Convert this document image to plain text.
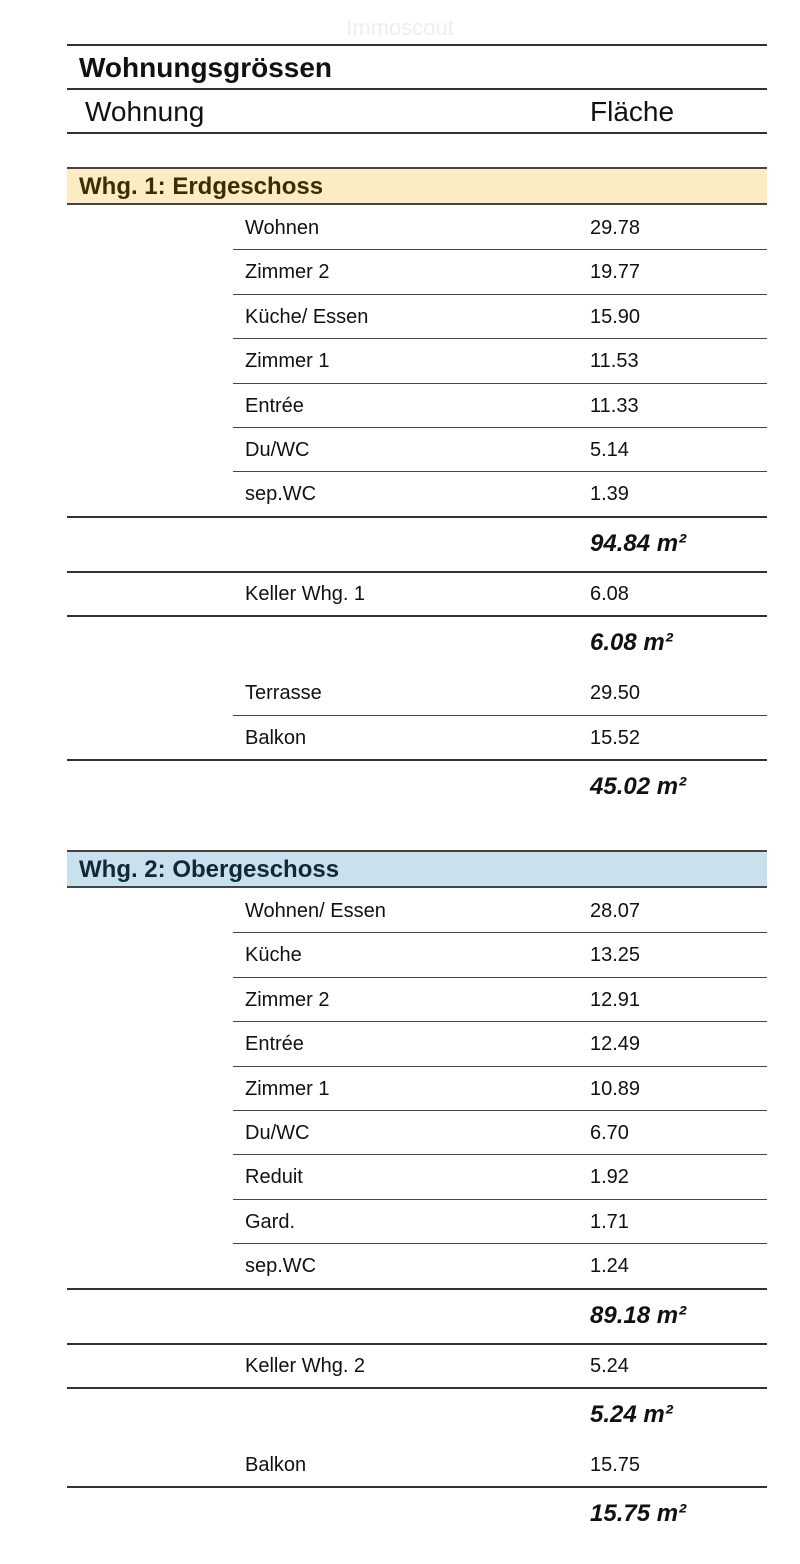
Immoscout
Wohnungsgrössen
Wohnung	Fläche
Whg. 1: Erdgeschoss
Wohnen	29.78
Zimmer 2	19.77
Küche/ Essen	15.90
Zimmer 1	11.53
Entrée	11.33
Du/WC	5.14
sep.WC	1.39
94.84 m²
Keller Whg. 1	6.08
6.08 m²
Terrasse	29.50
Balkon	15.52
45.02 m²
Whg. 2: Obergeschoss
Wohnen/ Essen	28.07
Küche	13.25
Zimmer 2	12.91
Entrée	12.49
Zimmer 1	10.89
Du/WC	6.70
Reduit	1.92
Gard.	1.71
sep.WC	1.24
89.18 m²
Keller Whg. 2	5.24
5.24 m²
Balkon	15.75
15.75 m²
